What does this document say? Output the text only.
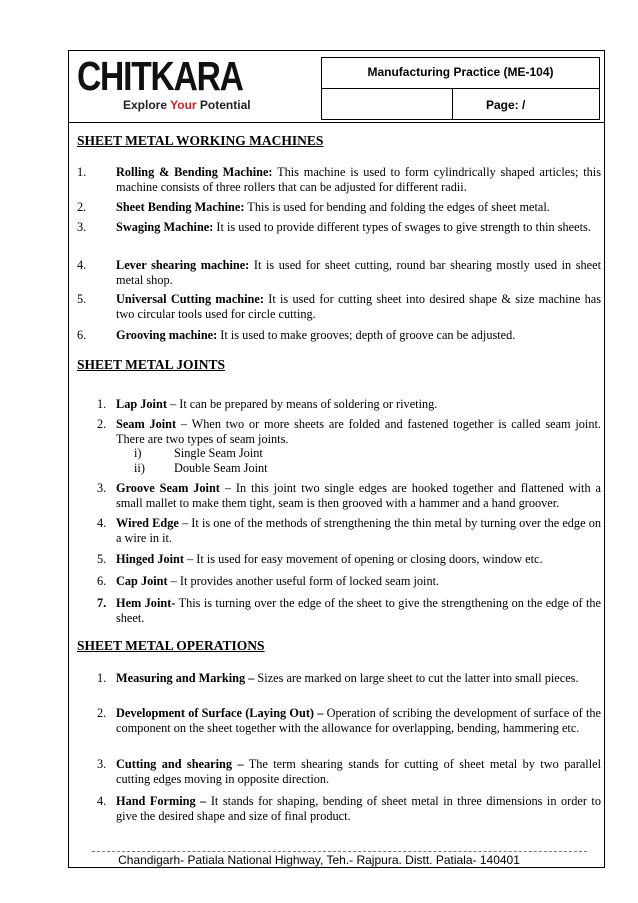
CHITKARA
Explore Your Potential
Manufacturing Practice (ME-104)
Page: /
SHEET METAL WORKING MACHINES
1. Rolling & Bending Machine: This machine is used to form cylindrically shaped articles; this machine consists of three rollers that can be adjusted for different radii.
2. Sheet Bending Machine: This is used for bending and folding the edges of sheet metal.
3. Swaging Machine: It is used to provide different types of swages to give strength to thin sheets.
4. Lever shearing machine: It is used for sheet cutting, round bar shearing mostly used in sheet metal shop.
5. Universal Cutting machine: It is used for cutting sheet into desired shape & size machine has two circular tools used for circle cutting.
6. Grooving machine: It is used to make grooves; depth of groove can be adjusted.
SHEET METAL JOINTS
1. Lap Joint – It can be prepared by means of soldering or riveting.
2. Seam Joint – When two or more sheets are folded and fastened together is called seam joint. There are two types of seam joints.
i)	Single Seam Joint
ii) Double Seam Joint
3. Groove Seam Joint – In this joint two single edges are hooked together and flattened with a small mallet to make them tight, seam is then grooved with a hammer and a hand groover.
4. Wired Edge – It is one of the methods of strengthening the thin metal by turning over the edge on a wire in it.
5. Hinged Joint – It is used for easy movement of opening or closing doors, window etc.
6. Cap Joint – It provides another useful form of locked seam joint.
7. Hem Joint- This is turning over the edge of the sheet to give the strengthening on the edge of the sheet.
SHEET METAL OPERATIONS
1. Measuring and Marking – Sizes are marked on large sheet to cut the latter into small pieces.
2. Development of Surface (Laying Out) – Operation of scribing the development of surface of the component on the sheet together with the allowance for overlapping, bending, hammering etc.
3. Cutting and shearing – The term shearing stands for cutting of sheet metal by two parallel cutting edges moving in opposite direction.
4. Hand Forming – It stands for shaping, bending of sheet metal in three dimensions in order to give the desired shape and size of final product.
Chandigarh- Patiala National Highway, Teh.- Rajpura. Distt. Patiala- 140401
